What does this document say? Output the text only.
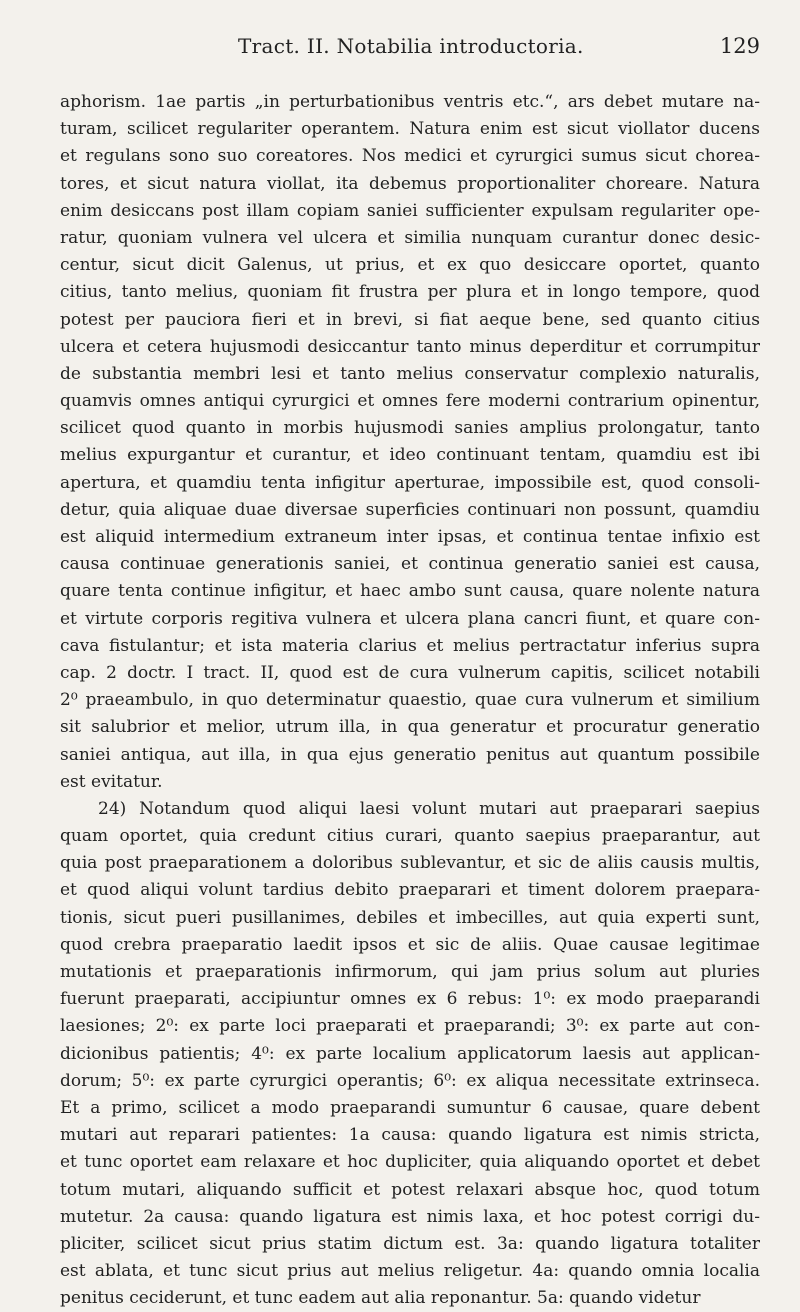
Tract. II. Notabilia introductoria.	129
aphorism. 1ae partis „in perturbationibus ventris etc.“, ars debet mutare na-
turam, scilicet regulariter operantem. Natura enim est sicut viollator ducens
et regulans sono suo coreatores. Nos medici et cyrurgici sumus sicut chorea-
tores, et sicut natura viollat, ita debemus proportionaliter choreare. Natura
enim desiccans post illam copiam saniei sufficienter expulsam regulariter ope-
ratur, quoniam vulnera vel ulcera et similia nunquam curantur donec desic-
centur, sicut dicit Galenus, ut prius, et ex quo desiccare oportet, quanto
citius, tanto melius, quoniam fit frustra per plura et in longo tempore, quod
potest per pauciora fieri et in brevi, si fiat aeque bene, sed quanto citius
ulcera et cetera hujusmodi desiccantur tanto minus deperditur et corrumpitur
de substantia membri lesi et tanto melius conservatur complexio naturalis,
quamvis omnes antiqui cyrurgici et omnes fere moderni contrarium opinentur,
scilicet quod quanto in morbis hujusmodi sanies amplius prolongatur, tanto
melius expurgantur et curantur, et ideo continuant tentam, quamdiu est ibi
apertura, et quamdiu tenta infigitur aperturae, impossibile est, quod consoli-
detur, quia aliquae duae diversae superficies continuari non possunt, quamdiu
est aliquid intermedium extraneum inter ipsas, et continua tentae infixio est
causa continuae generationis saniei, et continua generatio saniei est causa,
quare tenta continue infigitur, et haec ambo sunt causa, quare nolente natura
et virtute corporis regitiva vulnera et ulcera plana cancri fiunt, et quare con-
cava fistulantur; et ista materia clarius et melius pertractatur inferius supra
cap. 2 doctr. I tract. II, quod est de cura vulnerum capitis, scilicet notabili
2⁰ praeambulo, in quo determinatur quaestio, quae cura vulnerum et similium
sit salubrior et melior, utrum illa, in qua generatur et procuratur generatio
saniei antiqua, aut illa, in qua ejus generatio penitus aut quantum possibile
est evitatur.
24) Notandum quod aliqui laesi volunt mutari aut praeparari saepius
quam oportet, quia credunt citius curari, quanto saepius praeparantur, aut
quia post praeparationem a doloribus sublevantur, et sic de aliis causis multis,
et quod aliqui volunt tardius debito praeparari et timent dolorem praepara-
tionis, sicut pueri pusillanimes, debiles et imbecilles, aut quia experti sunt,
quod crebra praeparatio laedit ipsos et sic de aliis. Quae causae legitimae
mutationis et praeparationis infirmorum, qui jam prius solum aut pluries
fuerunt praeparati, accipiuntur omnes ex 6 rebus: 1⁰: ex modo praeparandi
laesiones; 2⁰: ex parte loci praeparati et praeparandi; 3⁰: ex parte aut con-
dicionibus patientis; 4⁰: ex parte localium applicatorum laesis aut applican-
dorum; 5⁰: ex parte cyrurgici operantis; 6⁰: ex aliqua necessitate extrinseca.
Et a primo, scilicet a modo praeparandi sumuntur 6 causae, quare debent
mutari aut reparari patientes: 1a causa: quando ligatura est nimis stricta,
et tunc oportet eam relaxare et hoc dupliciter, quia aliquando oportet et debet
totum mutari, aliquando sufficit et potest relaxari absque hoc, quod totum
mutetur. 2a causa: quando ligatura est nimis laxa, et hoc potest corrigi du-
pliciter, scilicet sicut prius statim dictum est. 3a: quando ligatura totaliter
est ablata, et tunc sicut prius aut melius religetur. 4a: quando omnia localia
penitus ceciderunt, et tunc eadem aut alia reponantur. 5a: quando videtur
